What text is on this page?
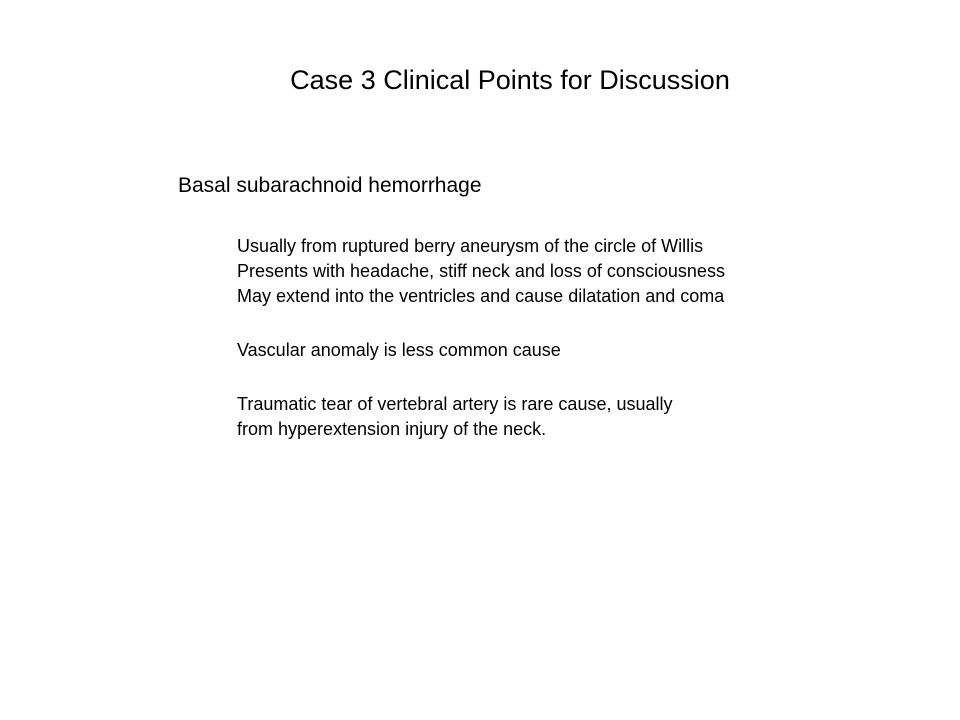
Case 3 Clinical Points for Discussion
Basal subarachnoid hemorrhage
Usually from ruptured berry aneurysm of the circle of Willis
Presents with headache, stiff neck and loss of consciousness
May extend into the ventricles and cause dilatation and coma
Vascular anomaly is less common cause
Traumatic tear of vertebral artery is rare cause, usually
from hyperextension injury of the neck.
